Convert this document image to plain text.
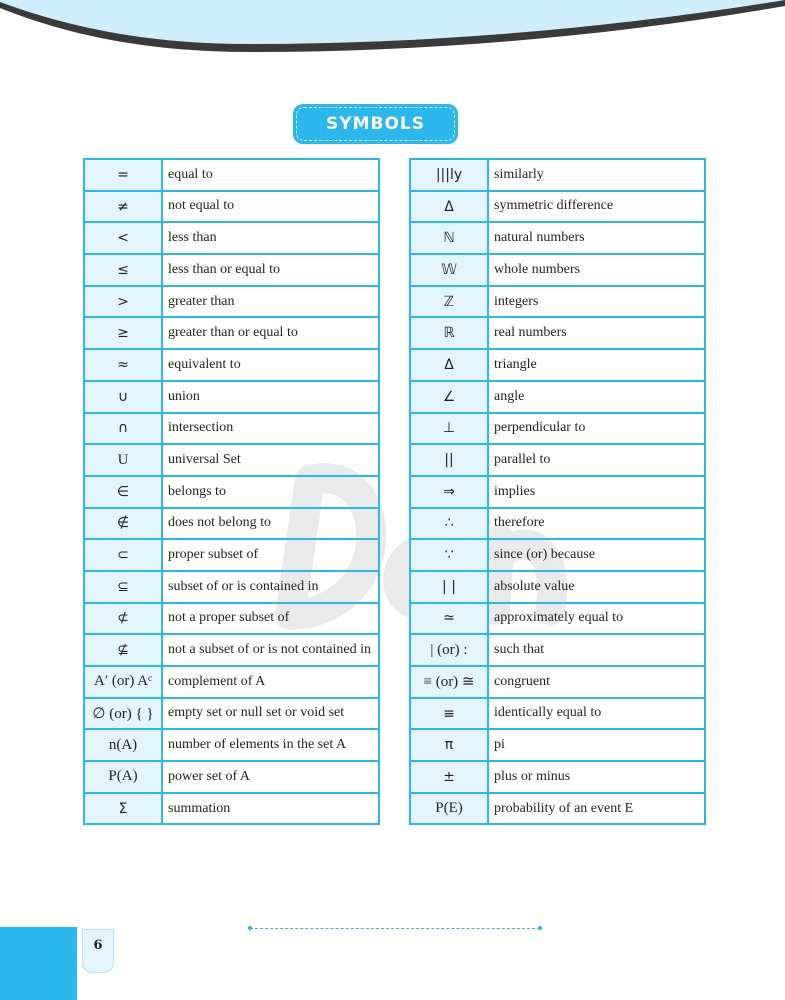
SYMBOLS
=	equal to
≠	not equal to
<	less than
≤	less than or equal to
>	greater than
≥	greater than or equal to
≈	equivalent to
∪	union
∩	intersection
U	universal Set
∈	belongs to
∉	does not belong to
⊂	proper subset of
⊆	subset of or is contained in
⊄	not a proper subset of
⊈	not a subset of or is not contained in
A′ (or) Aᶜ	complement of A
∅ (or) { }	empty set or null set or void set
n(A)	number of elements in the set A
P(A)	power set of A
Σ	summation
|||ly	similarly
Δ	symmetric difference
ℕ	natural numbers
𝕎	whole numbers
ℤ	integers
ℝ	real numbers
Δ	triangle
∠	angle
⊥	perpendicular to
||	parallel to
⇒	implies
∴	therefore
∵	since (or) because
| |	absolute value
≃	approximately equal to
| (or) :	such that
≡ (or) ≅	congruent
≡	identically equal to
π	pi
±	plus or minus
P(E)	probability of an event E
6
